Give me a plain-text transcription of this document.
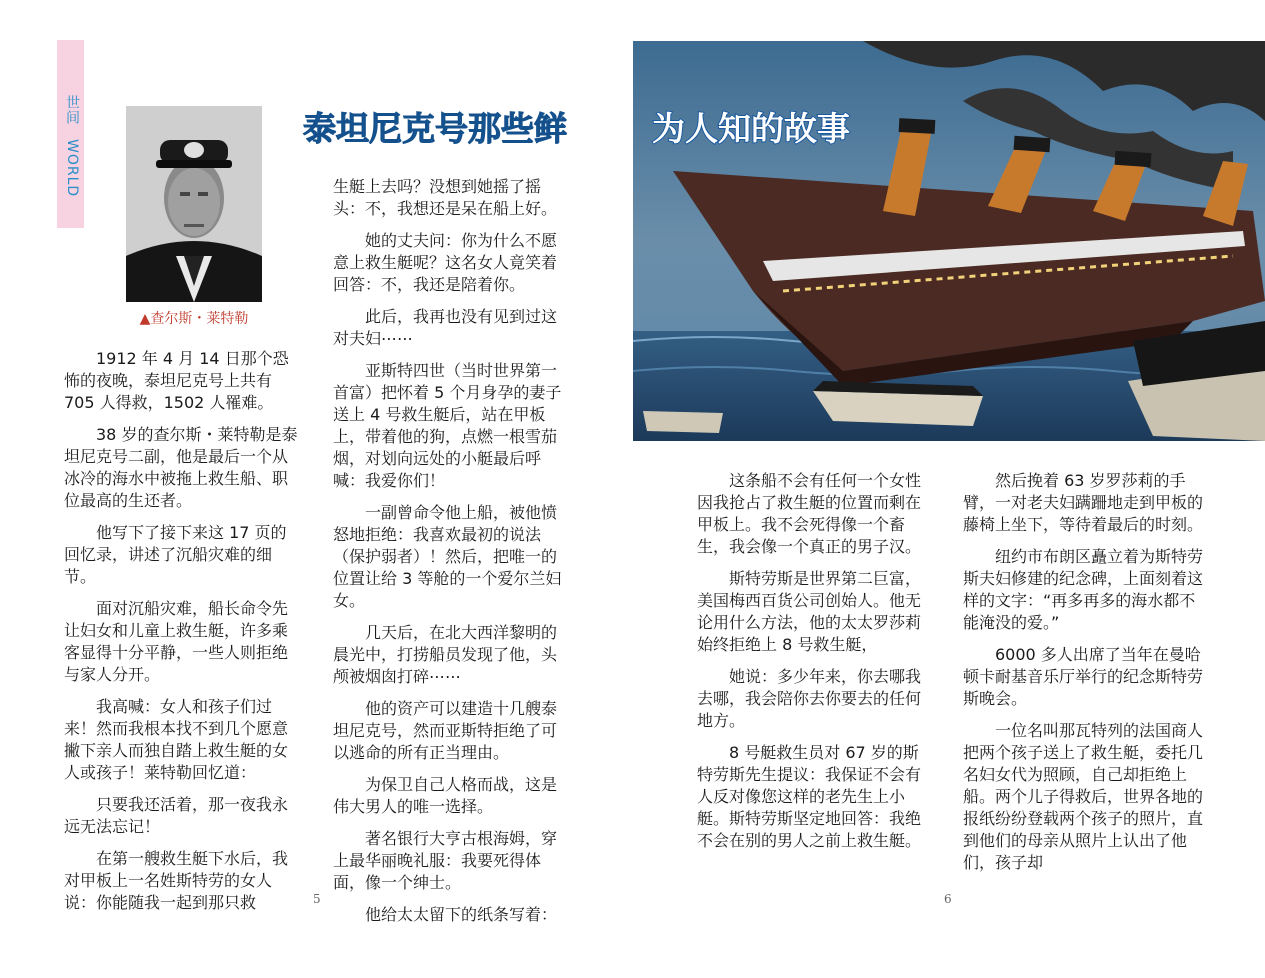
世间WORLD
▲查尔斯・莱特勒
泰坦尼克号那些鲜	为人知的故事

1912 年 4 月 14 日那个恐怖的夜晚，泰坦尼克号上共有 705 人得救，1502 人罹难。

38 岁的查尔斯・莱特勒是泰坦尼克号二副，他是最后一个从冰冷的海水中被拖上救生船、职位最高的生还者。

他写下了接下来这 17 页的回忆录，讲述了沉船灾难的细节。

面对沉船灾难，船长命令先让妇女和儿童上救生艇，许多乘客显得十分平静，一些人则拒绝与家人分开。

我高喊：女人和孩子们过来！然而我根本找不到几个愿意撇下亲人而独自踏上救生艇的女人或孩子！莱特勒回忆道：

只要我还活着，那一夜我永远无法忘记！

在第一艘救生艇下水后，我对甲板上一名姓斯特劳的女人说：你能随我一起到那只救

生艇上去吗？没想到她摇了摇头：不，我想还是呆在船上好。

她的丈夫问：你为什么不愿意上救生艇呢？这名女人竟笑着回答：不，我还是陪着你。

此后，我再也没有见到过这对夫妇⋯⋯

亚斯特四世（当时世界第一首富）把怀着 5 个月身孕的妻子送上 4 号救生艇后，站在甲板上，带着他的狗，点燃一根雪茄烟，对划向远处的小艇最后呼喊：我爱你们！

一副曾命令他上船，被他愤怒地拒绝：我喜欢最初的说法（保护弱者）！然后，把唯一的位置让给 3 等舱的一个爱尔兰妇女。

几天后，在北大西洋黎明的晨光中，打捞船员发现了他，头颅被烟囱打碎⋯⋯

他的资产可以建造十几艘泰坦尼克号，然而亚斯特拒绝了可以逃命的所有正当理由。

为保卫自己人格而战，这是伟大男人的唯一选择。

著名银行大亨古根海姆，穿上最华丽晚礼服：我要死得体面，像一个绅士。

他给太太留下的纸条写着：

这条船不会有任何一个女性因我抢占了救生艇的位置而剩在甲板上。我不会死得像一个畜生，我会像一个真正的男子汉。

斯特劳斯是世界第二巨富，美国梅西百货公司创始人。他无论用什么方法，他的太太罗莎莉始终拒绝上 8 号救生艇，

她说：多少年来，你去哪我去哪，我会陪你去你要去的任何地方。

8 号艇救生员对 67 岁的斯特劳斯先生提议：我保证不会有人反对像您这样的老先生上小艇。斯特劳斯坚定地回答：我绝不会在别的男人之前上救生艇。

然后挽着 63 岁罗莎莉的手臂，一对老夫妇蹒跚地走到甲板的藤椅上坐下，等待着最后的时刻。

纽约市布朗区矗立着为斯特劳斯夫妇修建的纪念碑，上面刻着这样的文字：“再多再多的海水都不能淹没的爱。”

6000 多人出席了当年在曼哈顿卡耐基音乐厅举行的纪念斯特劳斯晚会。

一位名叫那瓦特列的法国商人把两个孩子送上了救生艇，委托几名妇女代为照顾，自己却拒绝上船。两个儿子得救后，世界各地的报纸纷纷登载两个孩子的照片，直到他们的母亲从照片上认出了他们，孩子却

5	6
